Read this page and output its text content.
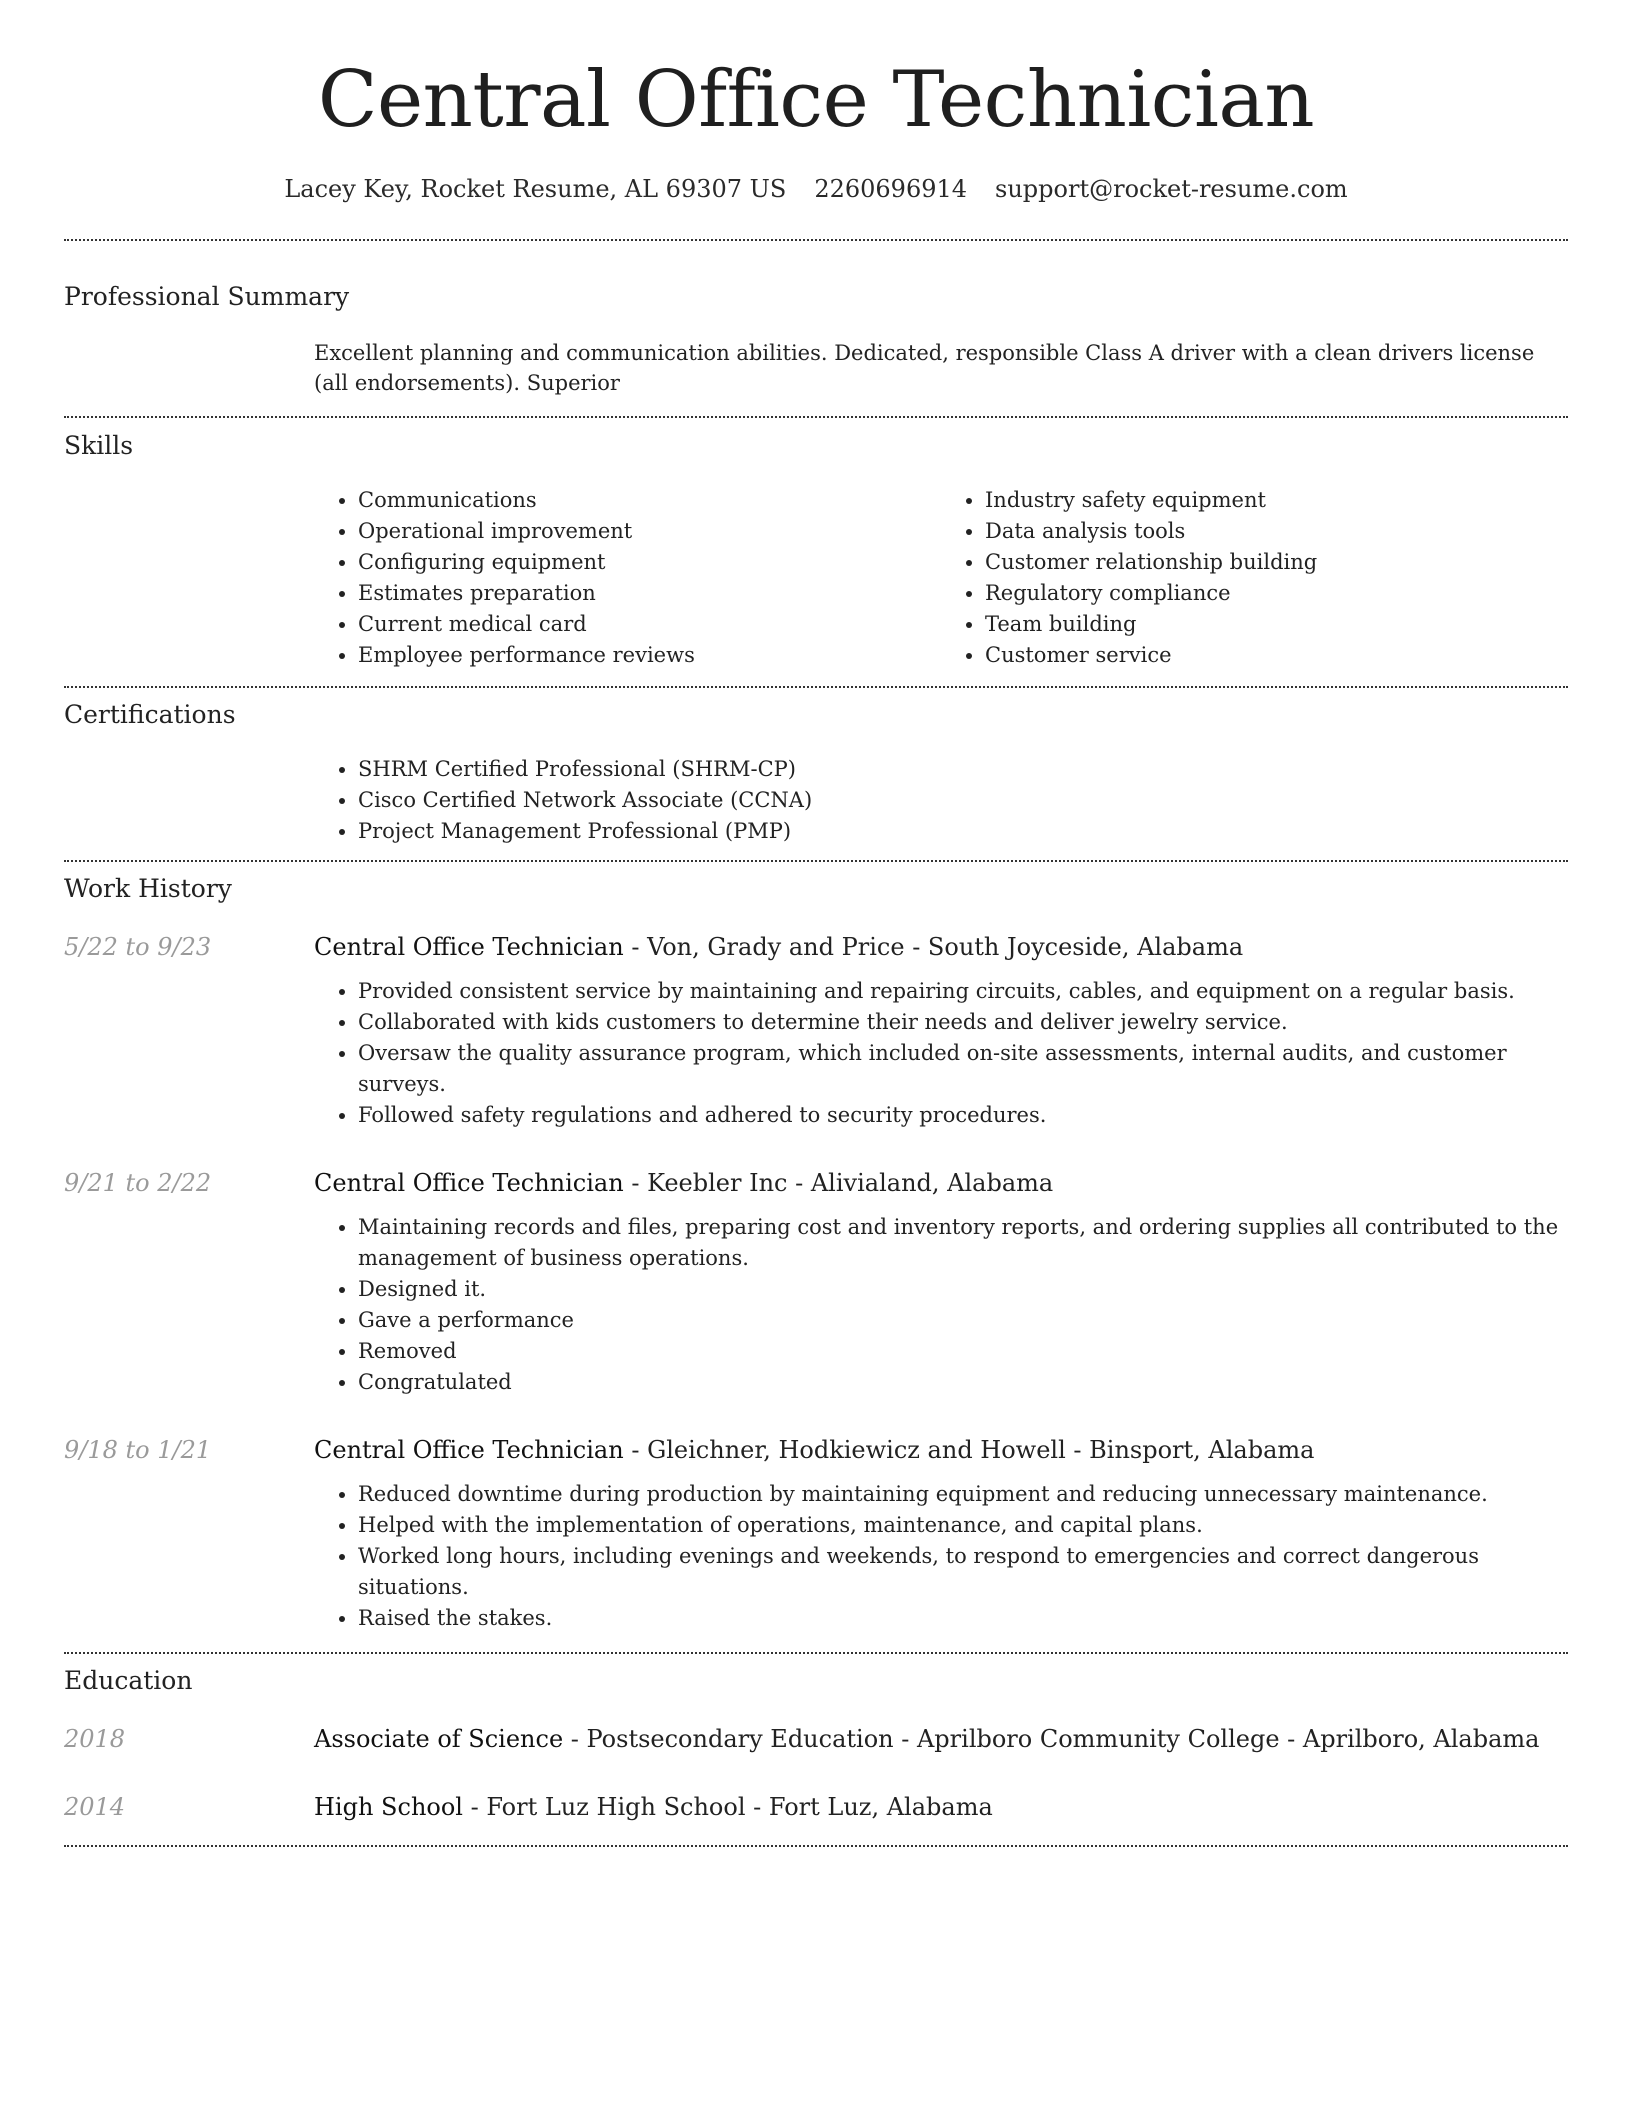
Central Office Technician
Lacey Key, Rocket Resume, AL 69307 US 2260696914 support@rocket-resume.com
Professional Summary
Excellent planning and communication abilities. Dedicated, responsible Class A driver with a clean drivers license (all endorsements). Superior
Skills
• Communications
• Operational improvement
• Configuring equipment
• Estimates preparation
• Current medical card
• Employee performance reviews
• Industry safety equipment
• Data analysis tools
• Customer relationship building
• Regulatory compliance
• Team building
• Customer service
Certifications
• SHRM Certified Professional (SHRM-CP)
• Cisco Certified Network Associate (CCNA)
• Project Management Professional (PMP)
Work History
5/22 to 9/23	Central Office Technician - Von, Grady and Price - South Joyceside, Alabama
• Provided consistent service by maintaining and repairing circuits, cables, and equipment on a regular basis.
• Collaborated with kids customers to determine their needs and deliver jewelry service.
• Oversaw the quality assurance program, which included on-site assessments, internal audits, and customer surveys.
• Followed safety regulations and adhered to security procedures.
9/21 to 2/22	Central Office Technician - Keebler Inc - Alivialand, Alabama
• Maintaining records and files, preparing cost and inventory reports, and ordering supplies all contributed to the management of business operations.
• Designed it.
• Gave a performance
• Removed
• Congratulated
9/18 to 1/21	Central Office Technician - Gleichner, Hodkiewicz and Howell - Binsport, Alabama
• Reduced downtime during production by maintaining equipment and reducing unnecessary maintenance.
• Helped with the implementation of operations, maintenance, and capital plans.
• Worked long hours, including evenings and weekends, to respond to emergencies and correct dangerous situations.
• Raised the stakes.
Education
2018	Associate of Science - Postsecondary Education - Aprilboro Community College - Aprilboro, Alabama
2014	High School - Fort Luz High School - Fort Luz, Alabama
